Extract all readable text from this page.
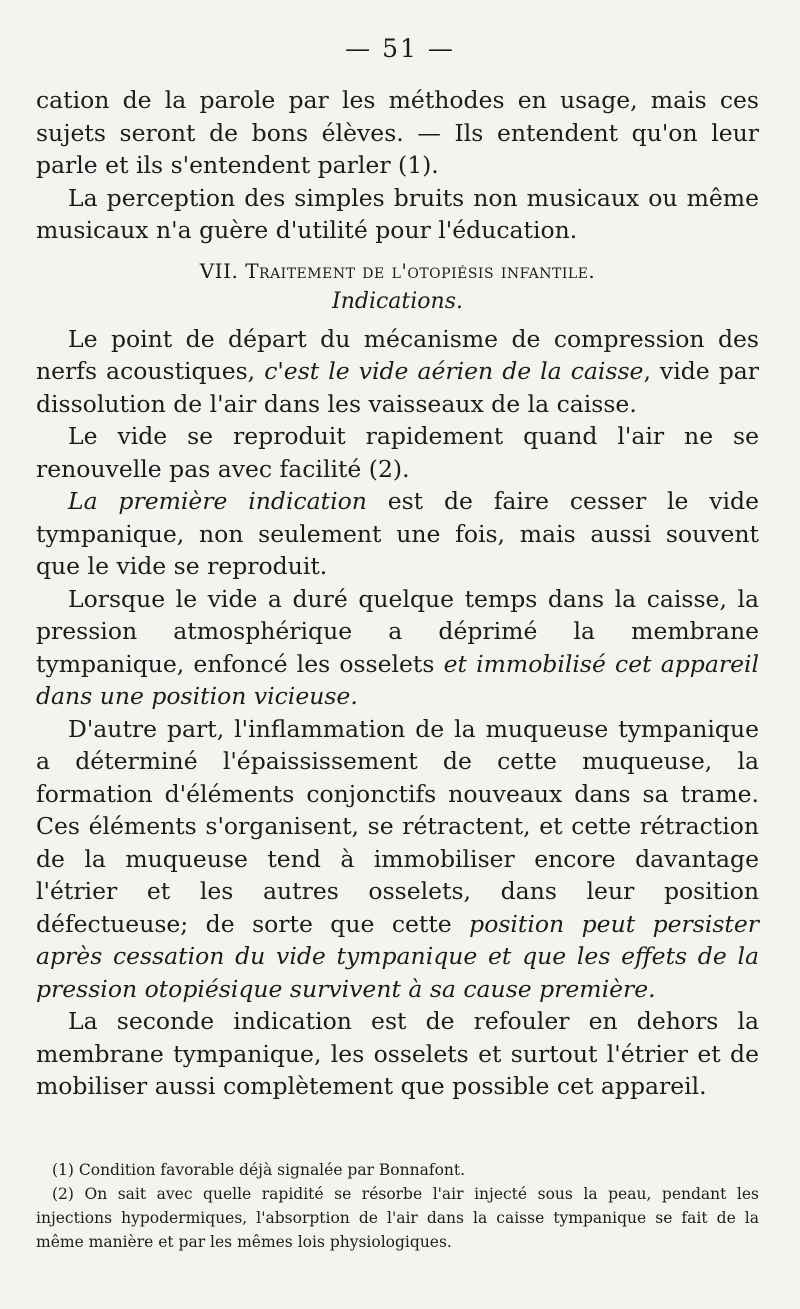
— 51 —

cation de la parole par les méthodes en usage, mais ces sujets seront de bons élèves. — Ils entendent qu'on leur parle et ils s'entendent parler (1).

La perception des simples bruits non musicaux ou même musicaux n'a guère d'utilité pour l'éducation.

VII. Traitement de l'otopiésis infantile.
Indications.

Le point de départ du mécanisme de compression des nerfs acoustiques, c'est le vide aérien de la caisse, vide par dissolution de l'air dans les vaisseaux de la caisse.

Le vide se reproduit rapidement quand l'air ne se renouvelle pas avec facilité (2).

La première indication est de faire cesser le vide tympanique, non seulement une fois, mais aussi souvent que le vide se reproduit.

Lorsque le vide a duré quelque temps dans la caisse, la pression atmosphérique a déprimé la membrane tympanique, enfoncé les osselets et immobilisé cet appareil dans une position vicieuse.

D'autre part, l'inflammation de la muqueuse tympanique a déterminé l'épaississement de cette muqueuse, la formation d'éléments conjonctifs nouveaux dans sa trame. Ces éléments s'organisent, se rétractent, et cette rétraction de la muqueuse tend à immobiliser encore davantage l'étrier et les autres osselets, dans leur position défectueuse; de sorte que cette position peut persister après cessation du vide tympanique et que les effets de la pression otopiésique survivent à sa cause première.

La seconde indication est de refouler en dehors la membrane tympanique, les osselets et surtout l'étrier et de mobiliser aussi complètement que possible cet appareil.

(1) Condition favorable déjà signalée par Bonnafont.

(2) On sait avec quelle rapidité se résorbe l'air injecté sous la peau, pendant les injections hypodermiques, l'absorption de l'air dans la caisse tympanique se fait de la même manière et par les mêmes lois physiologiques.
